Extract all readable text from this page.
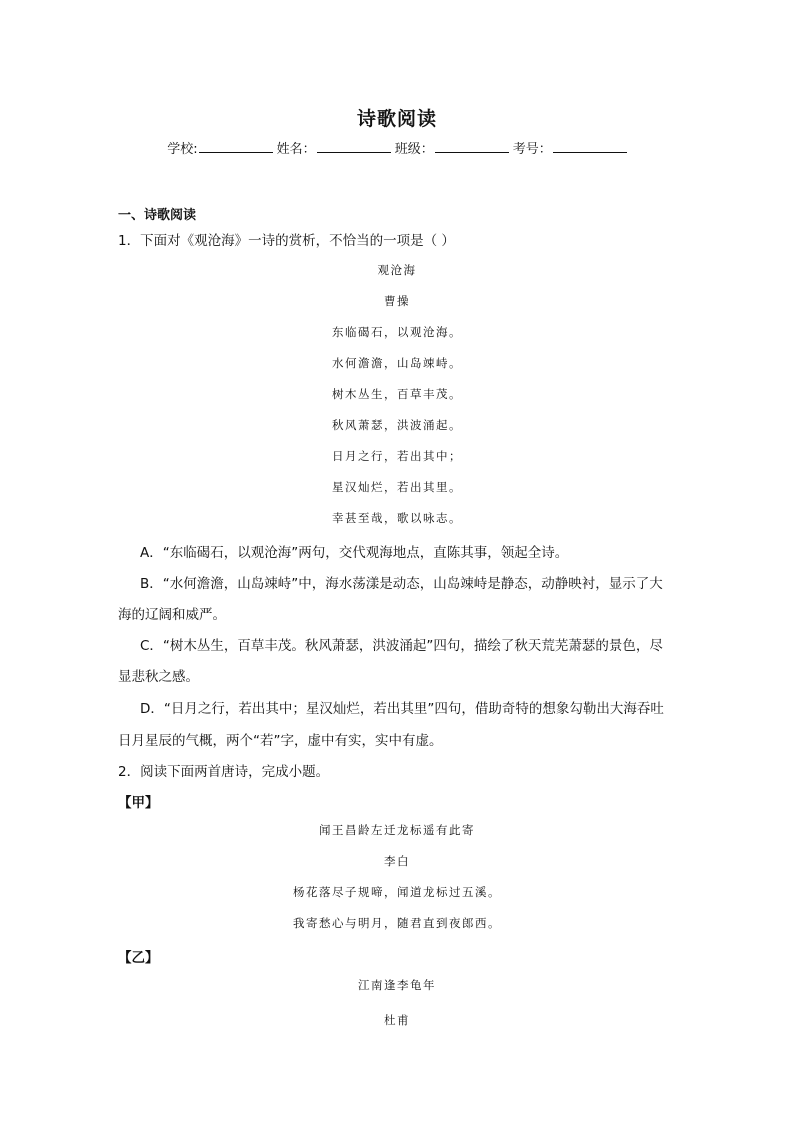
诗歌阅读
学校:	姓名：	班级：	考号：
一、诗歌阅读
1．下面对《观沧海》一诗的赏析，不恰当的一项是（ ）
观沧海
曹操
东临碣石，以观沧海。
水何澹澹，山岛竦峙。
树木丛生，百草丰茂。
秋风萧瑟，洪波涌起。
日月之行，若出其中；
星汉灿烂，若出其里。
幸甚至哉，歌以咏志。
A．“东临碣石，以观沧海”两句，交代观海地点，直陈其事，领起全诗。
B．“水何澹澹，山岛竦峙”中，海水荡漾是动态，山岛竦峙是静态，动静映衬，显示了大
海的辽阔和威严。
C．“树木丛生，百草丰茂。秋风萧瑟，洪波涌起”四句，描绘了秋天荒芜萧瑟的景色，尽
显悲秋之感。
D．“日月之行，若出其中；星汉灿烂，若出其里”四句，借助奇特的想象勾勒出大海吞吐
日月星辰的气概，两个“若”字，虚中有实，实中有虚。
2．阅读下面两首唐诗，完成小题。
【甲】
闻王昌龄左迁龙标遥有此寄
李白
杨花落尽子规啼，闻道龙标过五溪。
我寄愁心与明月，随君直到夜郎西。
【乙】
江南逢李龟年
杜甫
